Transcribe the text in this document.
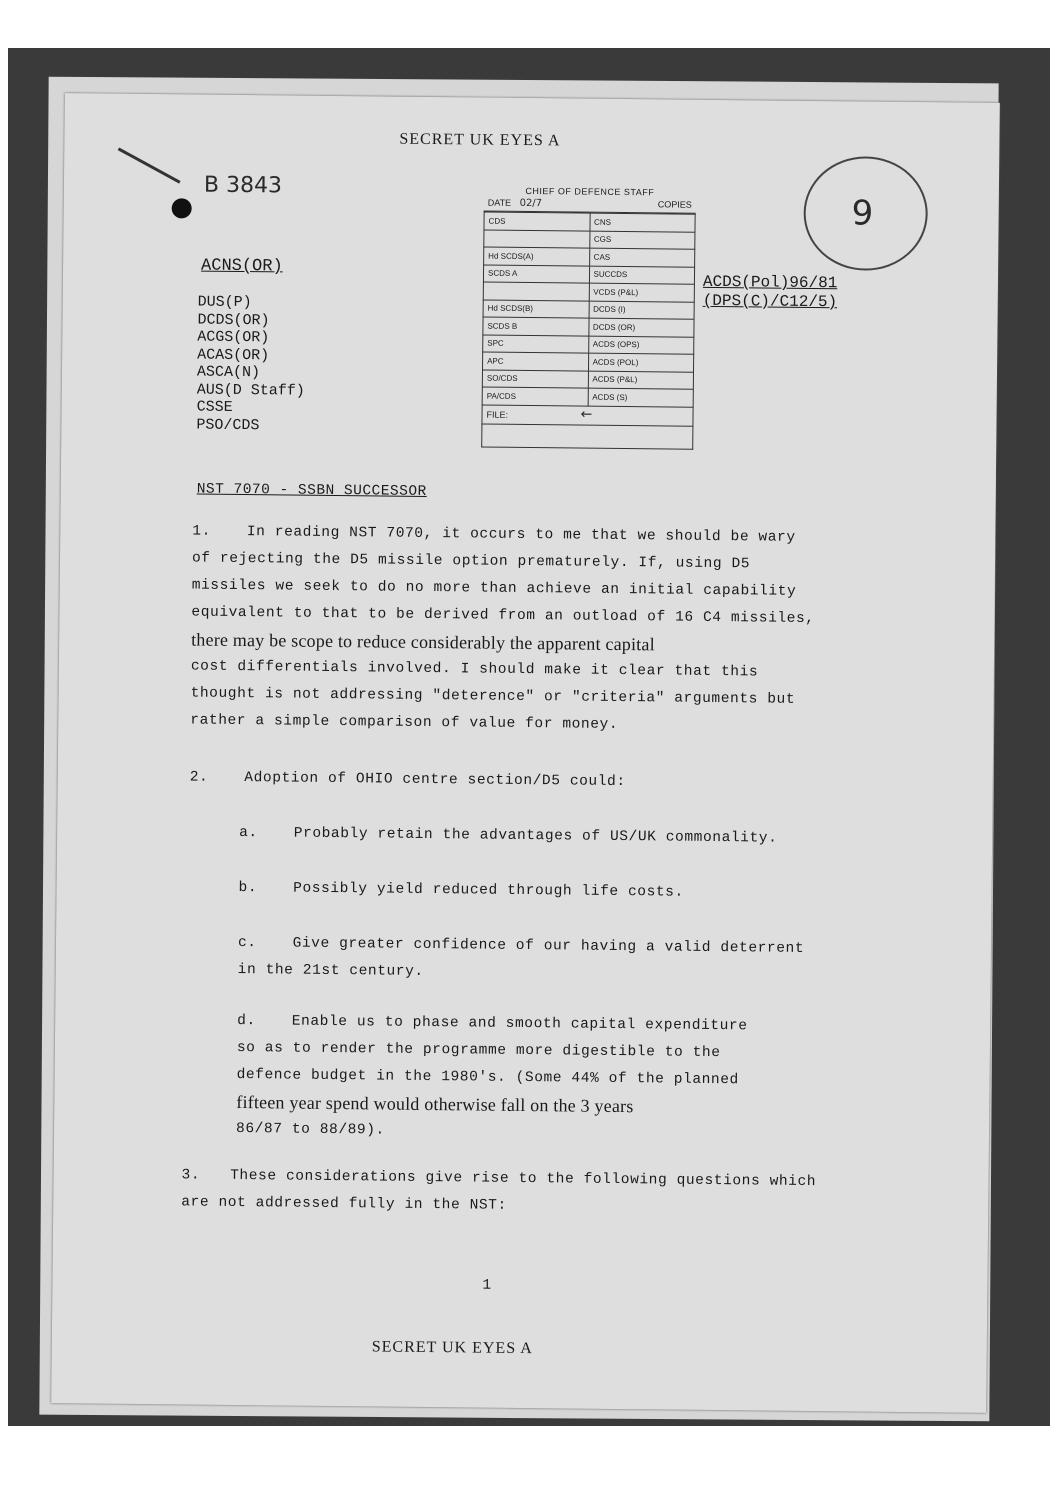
SECRET UK EYES A
B 3843
9
ACNS(OR)
DUS(P)
DCDS(OR)
ACGS(OR)
ACAS(OR)
ASCA(N)
AUS(D Staff)
CSSE
PSO/CDS
CHIEF OF DEFENCE STAFF
DATE 02/7	COPIES
CDS	CNS
	CGS
Hd SCDS(A)	CAS
SCDS A	SUCCDS
	VCDS (P&L)
Hd SCDS(B)	DCDS (I)
SCDS B	DCDS (OR)
SPC	ACDS (OPS)
APC	ACDS (POL)
SO/CDS	ACDS (P&L)
PA/CDS	ACDS (S)
FILE:	←
ACDS(Pol)96/81
(DPS(C)/C12/5)
NST 7070 - SSBN SUCCESSOR
1. In reading NST 7070, it occurs to me that we should be wary
of rejecting the D5 missile option prematurely. If, using D5
missiles we seek to do no more than achieve an initial capability
equivalent to that to be derived from an outload of 16 C4 missiles,
there may be scope to reduce considerably the apparent capital
cost differentials involved. I should make it clear that this
thought is not addressing "deterence" or "criteria" arguments but
rather a simple comparison of value for money.
2. Adoption of OHIO centre section/D5 could:
a. Probably retain the advantages of US/UK commonality.
b. Possibly yield reduced through life costs.
c. Give greater confidence of our having a valid deterrent
in the 21st century.
d. Enable us to phase and smooth capital expenditure
so as to render the programme more digestible to the
defence budget in the 1980's. (Some 44% of the planned
fifteen year spend would otherwise fall on the 3 years
86/87 to 88/89).
3. These considerations give rise to the following questions which
are not addressed fully in the NST:
1
SECRET UK EYES A
